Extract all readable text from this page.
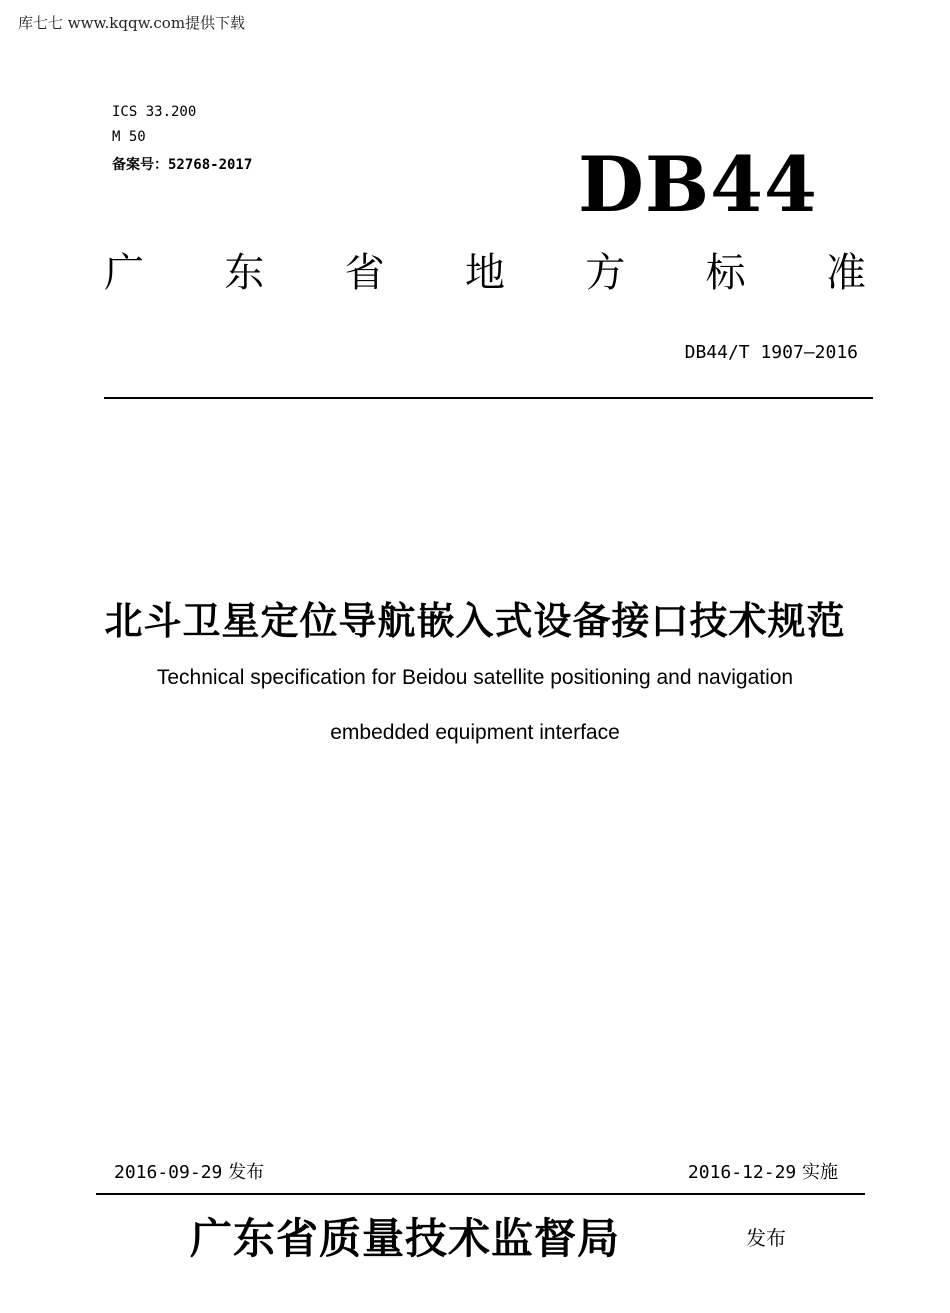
库七七 www.kqqw.com提供下载
ICS 33.200
M 50
备案号：52768-2017	DB44
广 东 省 地 方 标 准
DB44/T 1907—2016
北斗卫星定位导航嵌入式设备接口技术规范
Technical specification for Beidou satellite positioning and navigation
embedded equipment interface
2016-09-29 发布	2016-12-29 实施
广东省质量技术监督局	发布
